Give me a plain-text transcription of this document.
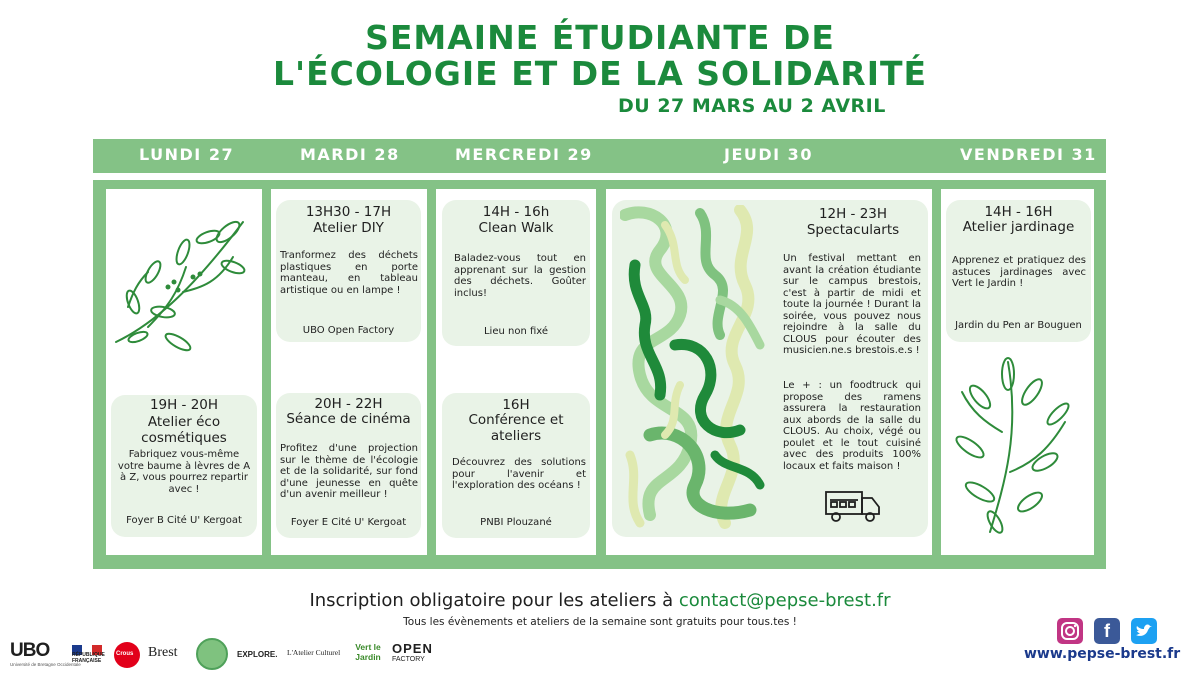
SEMAINE ÉTUDIANTE DE
L'ÉCOLOGIE ET DE LA SOLIDARITÉ
DU 27 MARS AU 2 AVRIL
LUNDI 27	MARDI 28	MERCREDI 29	JEUDI 30	VENDREDI 31
19H - 20H
Atelier éco
cosmétiques
Fabriquez vous-même votre baume à lèvres de A à Z, vous pourrez repartir avec !
Foyer B Cité U' Kergoat
13H30 - 17H
Atelier DIY
Tranformez des déchets plastiques en porte manteau, en tableau artistique ou en lampe !
UBO Open Factory
20H - 22H
Séance de cinéma
Profitez d'une projection sur le thème de l'écologie et de la solidarité, sur fond d'une jeunesse en quête d'un avenir meilleur !
Foyer E Cité U' Kergoat
14H - 16h
Clean Walk
Baladez-vous tout en apprenant sur la gestion des déchets. Goûter inclus!
Lieu non fixé
16H
Conférence et
ateliers
Découvrez des solutions pour l'avenir et l'exploration des océans !
PNBI Plouzané
12H - 23H
Spectacularts
Un festival mettant en avant la création étudiante sur le campus brestois, c'est à partir de midi et toute la journée ! Durant la soirée, vous pouvez nous rejoindre à la salle du CLOUS pour écouter des musicien.ne.s brestois.e.s !
Le + : un foodtruck qui propose des ramens assurera la restauration aux abords de la salle du CLOUS. Au choix, végé ou poulet et le tout cuisiné avec des produits 100% locaux et faits maison !
14H - 16H
Atelier jardinage
Apprenez et pratiquez des astuces jardinages avec Vert le Jardin !
Jardin du Pen ar Bouguen
Inscription obligatoire pour les ateliers à contact@pepse-brest.fr
Tous les évènements et ateliers de la semaine sont gratuits pour tous.tes !
UBO
Université de Bretagne Occidentale
RÉPUBLIQUE FRANÇAISE
Crous Brest	EXPLORE. L'Atelier Culturel
Vert le Jardin
OPEN
FACTORY
f
www.pepse-brest.fr
